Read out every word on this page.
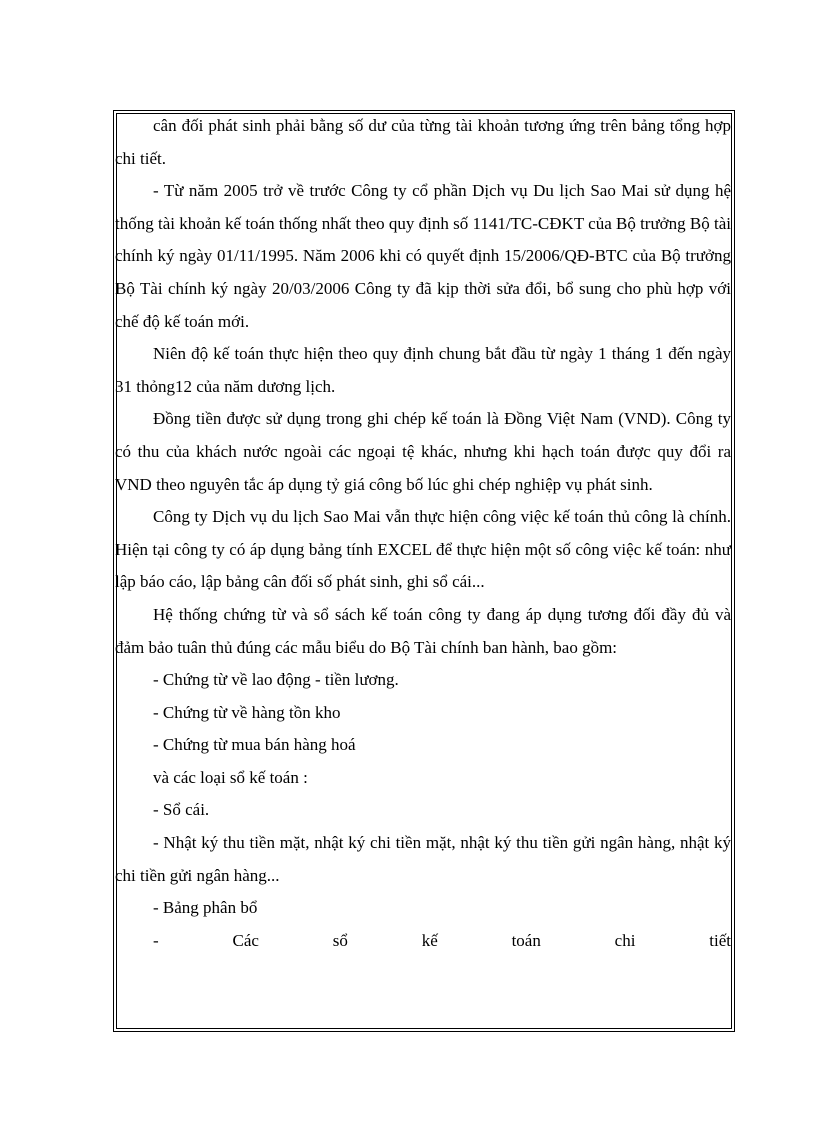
cân đối phát sinh phải bằng số dư của từng tài khoản tương ứng trên bảng tổng hợp chi tiết.

- Từ năm 2005 trở về trước Công ty cổ phần Dịch vụ Du lịch Sao Mai sử dụng hệ thống tài khoản kế toán thống nhất theo quy định số 1141/TC-CĐKT của Bộ trưởng Bộ tài chính ký ngày 01/11/1995. Năm 2006 khi có quyết định 15/2006/QĐ-BTC của Bộ trưởng Bộ Tài chính ký ngày 20/03/2006 Công ty đã kịp thời sửa đổi, bổ sung cho phù hợp với chế độ kế toán mới.

Niên độ kế toán thực hiện theo quy định chung bắt đầu từ ngày 1 tháng 1 đến ngày 31 thỏng12 của năm dương lịch.

Đồng tiền được sử dụng trong ghi chép kế toán là Đồng Việt Nam (VND). Công ty có thu của khách nước ngoài các ngoại tệ khác, nhưng khi hạch toán được quy đổi ra VND theo nguyên tắc áp dụng tỷ giá công bố lúc ghi chép nghiệp vụ phát sinh.

Công ty Dịch vụ du lịch Sao Mai vẫn thực hiện công việc kế toán thủ công là chính. Hiện tại công ty có áp dụng bảng tính EXCEL để thực hiện một số công việc kế toán: như lập báo cáo, lập bảng cân đối số phát sinh, ghi sổ cái...

Hệ thống chứng từ và sổ sách kế toán công ty đang áp dụng tương đối đầy đủ và đảm bảo tuân thủ đúng các mẫu biểu do Bộ Tài chính ban hành, bao gồm:

- Chứng từ về lao động - tiền lương.

- Chứng từ về hàng tồn kho

- Chứng từ mua bán hàng hoá

và các loại sổ kế toán :

- Sổ cái.

- Nhật ký thu tiền mặt, nhật ký chi tiền mặt, nhật ký thu tiền gửi ngân hàng, nhật ký chi tiền gửi ngân hàng...

- Bảng phân bổ

- Các sổ kế toán chi tiết
